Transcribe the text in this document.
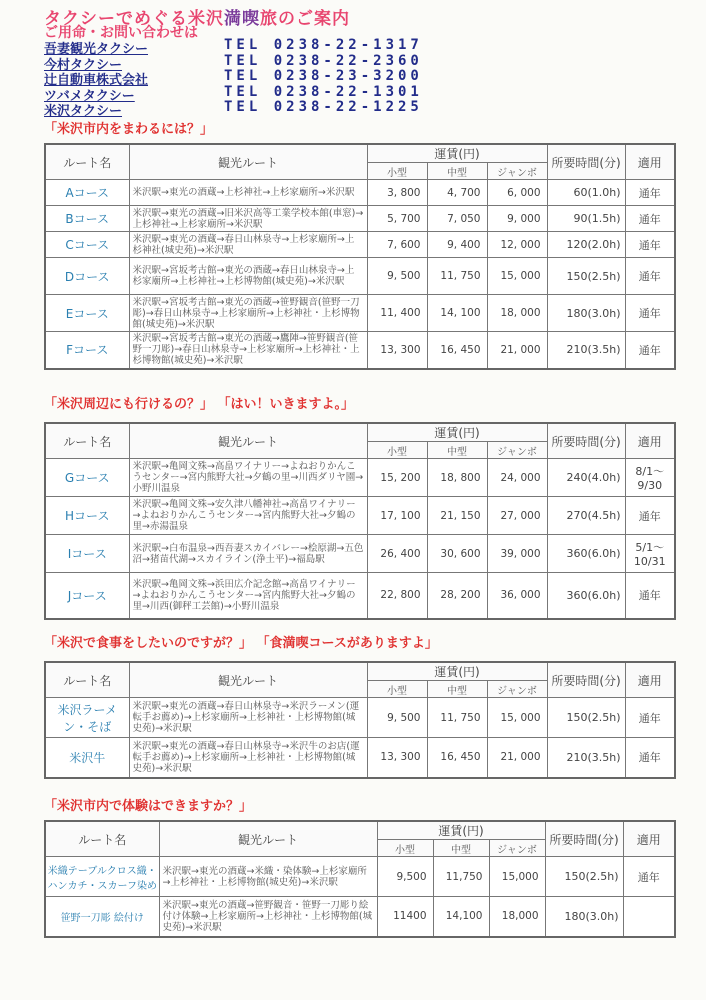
タクシーでめぐる米沢満喫旅のご案内
ご用命・お問い合わせは
吾妻観光タクシー	TEL 0238-22-1317
今村タクシー	TEL 0238-22-2360
辻自動車株式会社	TEL 0238-23-3200
ツバメタクシー	TEL 0238-22-1301
米沢タクシー	TEL 0238-22-1225
「米沢市内をまわるには？」
ルート名	観光ルート	運賃(円)			所要時間(分)	適用
		小型	中型	ジャンボ		
Aコース	米沢駅→東光の酒蔵→上杉神社→上杉家廟所→米沢駅	3, 800	4, 700	6, 000	60(1.0h)	通年
Bコース	米沢駅→東光の酒蔵→旧米沢高等工業学校本館(車窓)→上杉神社→上杉家廟所→米沢駅	5, 700	7, 050	9, 000	90(1.5h)	通年
Cコース	米沢駅→東光の酒蔵→春日山林泉寺→上杉家廟所→上杉神社(城史苑)→米沢駅	7, 600	9, 400	12, 000	120(2.0h)	通年
Dコース	米沢駅→宮坂考古館→東光の酒蔵→春日山林泉寺→上杉家廟所→上杉神社→上杉博物館(城史苑)→米沢駅	9, 500	11, 750	15, 000	150(2.5h)	通年
Eコース	米沢駅→宮坂考古館→東光の酒蔵→笹野観音(笹野一刀彫)→春日山林泉寺→上杉家廟所→上杉神社・上杉博物館(城史苑)→米沢駅	11, 400	14, 100	18, 000	180(3.0h)	通年
Fコース	米沢駅→宮坂考古館→東光の酒蔵→鷹陣→笹野観音(笹野一刀彫)→春日山林泉寺→上杉家廟所→上杉神社・上杉博物館(城史苑)→米沢駅	13, 300	16, 450	21, 000	210(3.5h)	通年
「米沢周辺にも行けるの？」 「はい！いきますよ。」
ルート名	観光ルート	運賃(円)			所要時間(分)	適用
		小型	中型	ジャンボ		
Gコース	米沢駅→亀岡文殊→高畠ワイナリー→よねおりかんこうセンター→宮内熊野大社→夕鶴の里→川西ダリヤ園→小野川温泉	15, 200	18, 800	24, 000	240(4.0h)	8/1～9/30
Hコース	米沢駅→亀岡文殊→安久津八幡神社→高畠ワイナリー→よねおりかんこうセンター→宮内熊野大社→夕鶴の里→赤湯温泉	17, 100	21, 150	27, 000	270(4.5h)	通年
Iコース	米沢駅→白布温泉→西吾妻スカイバレー→桧原湖→五色沼→猪苗代湖→スカイライン(浄土平)→福島駅	26, 400	30, 600	39, 000	360(6.0h)	5/1～10/31
Jコース	米沢駅→亀岡文殊→浜田広介記念館→高畠ワイナリー→よねおりかんこうセンター→宮内熊野大社→夕鶴の里→川西(御秤工芸館)→小野川温泉	22, 800	28, 200	36, 000	360(6.0h)	通年
「米沢で食事をしたいのですが？」 「食満喫コースがありますよ」
ルート名	観光ルート	運賃(円)			所要時間(分)	適用
		小型	中型	ジャンボ		
米沢ラーメン・そば	米沢駅→東光の酒蔵→春日山林泉寺→米沢ラーメン(運転手お薦め)→上杉家廟所→上杉神社・上杉博物館(城史苑)→米沢駅	9, 500	11, 750	15, 000	150(2.5h)	通年
米沢牛	米沢駅→東光の酒蔵→春日山林泉寺→米沢牛のお店(運転手お薦め)→上杉家廟所→上杉神社・上杉博物館(城史苑)→米沢駅	13, 300	16, 450	21, 000	210(3.5h)	通年
「米沢市内で体験はできますか？」
ルート名	観光ルート	運賃(円)			所要時間(分)	適用
		小型	中型	ジャンボ		
米織テーブルクロス織・ハンカチ・スカーフ染め	米沢駅→東光の酒蔵→米織・染体験→上杉家廟所→上杉神社・上杉博物館(城史苑)→米沢駅	9,500	11,750	15,000	150(2.5h)	通年
笹野一刀彫 絵付け	米沢駅→東光の酒蔵→笹野観音・笹野一刀彫り絵付け体験→上杉家廟所→上杉神社・上杉博物館(城史苑)→米沢駅	11400	14,100	18,000	180(3.0h)	
